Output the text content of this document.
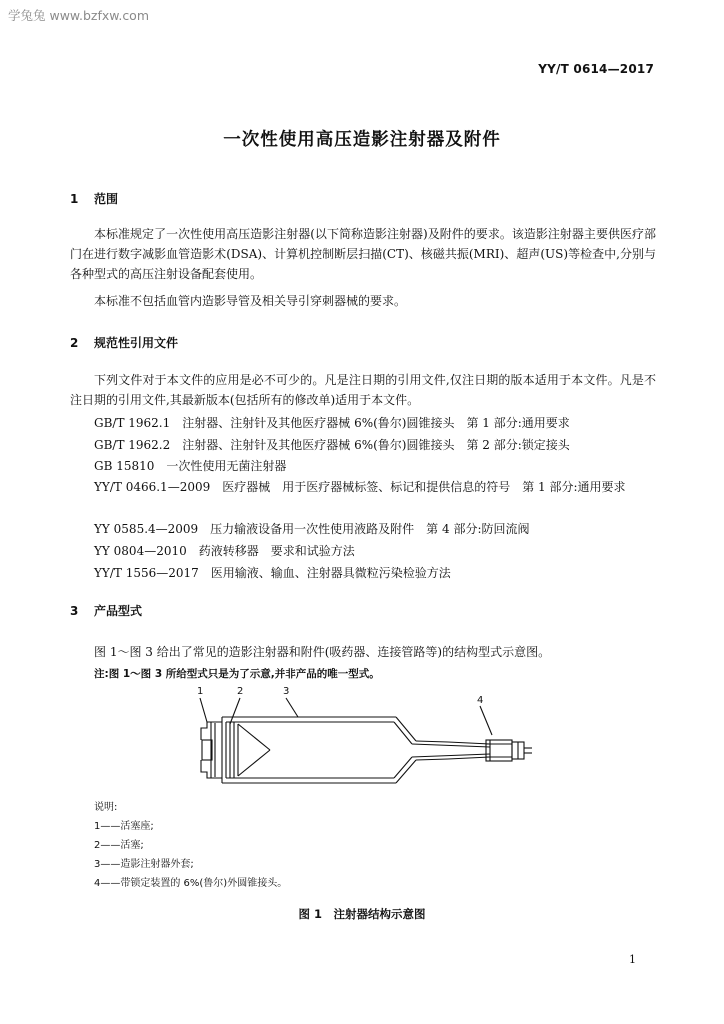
学兔兔 www.bzfxw.com
YY/T 0614—2017
一次性使用高压造影注射器及附件
1 范围
本标准规定了一次性使用高压造影注射器(以下简称造影注射器)及附件的要求。该造影注射器主要供医疗部门在进行数字减影血管造影术(DSA)、计算机控制断层扫描(CT)、核磁共振(MRI)、超声(US)等检查中,分别与各种型式的高压注射设备配套使用。
本标准不包括血管内造影导管及相关导引穿刺器械的要求。
2 规范性引用文件
下列文件对于本文件的应用是必不可少的。凡是注日期的引用文件,仅注日期的版本适用于本文件。凡是不注日期的引用文件,其最新版本(包括所有的修改单)适用于本文件。
GB/T 1962.1　注射器、注射针及其他医疗器械 6%(鲁尔)圆锥接头　第 1 部分:通用要求
GB/T 1962.2　注射器、注射针及其他医疗器械 6%(鲁尔)圆锥接头　第 2 部分:锁定接头
GB 15810　一次性使用无菌注射器
YY/T 0466.1—2009　医疗器械　用于医疗器械标签、标记和提供信息的符号　第 1 部分:通用要求
YY 0585.4—2009　压力输液设备用一次性使用液路及附件　第 4 部分:防回流阀
YY 0804—2010　药液转移器　要求和试验方法
YY/T 1556—2017　医用输液、输血、注射器具微粒污染检验方法
3 产品型式
图 1～图 3 给出了常见的造影注射器和附件(吸药器、连接管路等)的结构型式示意图。
注:图 1～图 3 所给型式只是为了示意,并非产品的唯一型式。
1	2	3
4
说明:
1——活塞座;
2——活塞;
3——造影注射器外套;
4——带锁定装置的 6%(鲁尔)外圆锥接头。
图 1　注射器结构示意图
1
